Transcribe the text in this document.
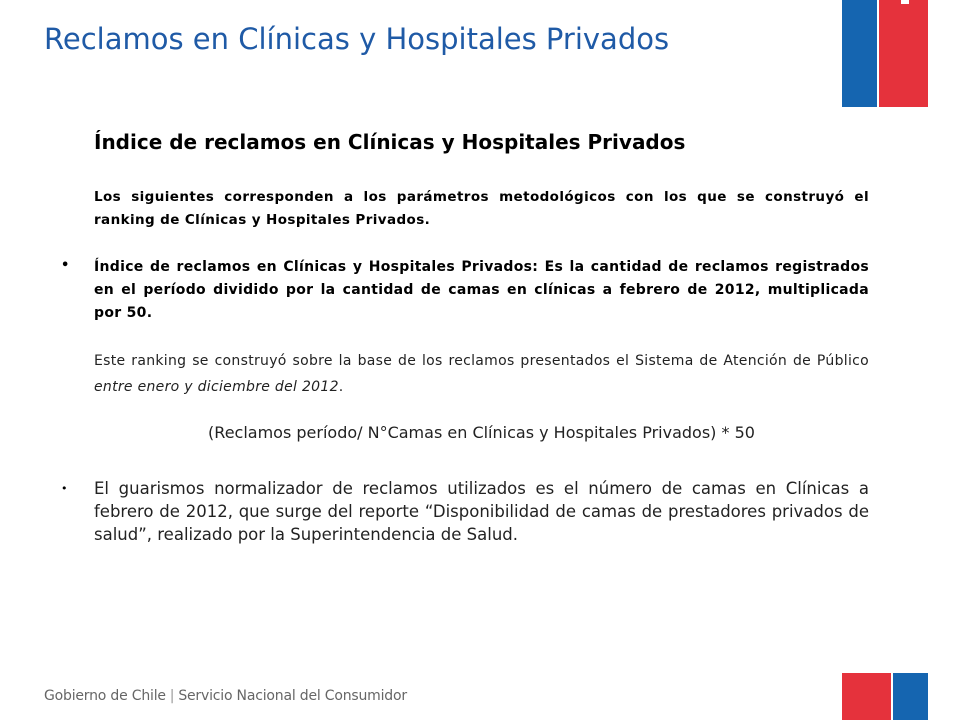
Reclamos en Clínicas y Hospitales Privados
Índice de reclamos en Clínicas y Hospitales Privados

Los siguientes corresponden a los parámetros metodológicos con los que se construyó el ranking de Clínicas y Hospitales Privados.

• Índice de reclamos en Clínicas y Hospitales Privados: Es la cantidad de reclamos registrados en el período dividido por la cantidad de camas en clínicas a febrero de 2012, multiplicada por 50.

Este ranking se construyó sobre la base de los reclamos presentados el Sistema de Atención de Público entre enero y diciembre del 2012.

(Reclamos período/ N°Camas en Clínicas y Hospitales Privados) * 50
• El guarismos normalizador de reclamos utilizados es el número de camas en Clínicas a febrero de 2012, que surge del reporte “Disponibilidad de camas de prestadores privados de salud”, realizado por la Superintendencia de Salud.

Gobierno de Chile | Servicio Nacional del Consumidor
